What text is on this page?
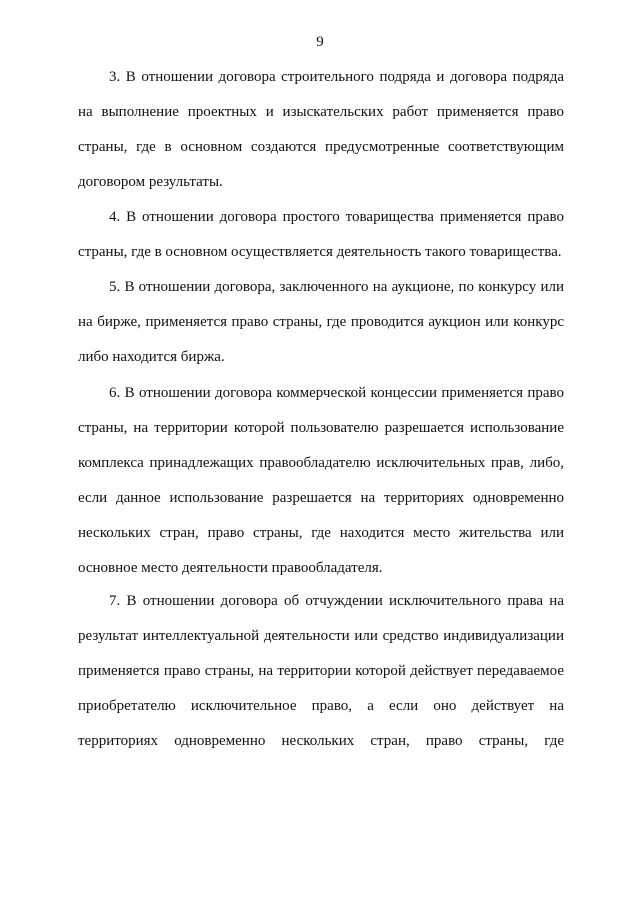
9
3. В отношении договора строительного подряда и договора подряда
на выполнение проектных и изыскательских работ применяется право
страны, где в основном создаются предусмотренные соответствующим
договором результаты.
4. В отношении договора простого товарищества применяется право
страны, где в основном осуществляется деятельность такого товарищества.
5. В отношении договора, заключенного на аукционе, по конкурсу или
на бирже, применяется право страны, где проводится аукцион или конкурс
либо находится биржа.
6. В отношении договора коммерческой концессии применяется право
страны, на территории которой пользователю разрешается использование
комплекса принадлежащих правообладателю исключительных прав, либо,
если данное использование разрешается на территориях одновременно
нескольких стран, право страны, где находится место жительства или
основное место деятельности правообладателя.
7. В отношении договора об отчуждении исключительного права на
результат интеллектуальной деятельности или средство индивидуализации
применяется право страны, на территории которой действует передаваемое
приобретателю исключительное право, а если оно действует на
территориях одновременно нескольких стран, право страны, где
